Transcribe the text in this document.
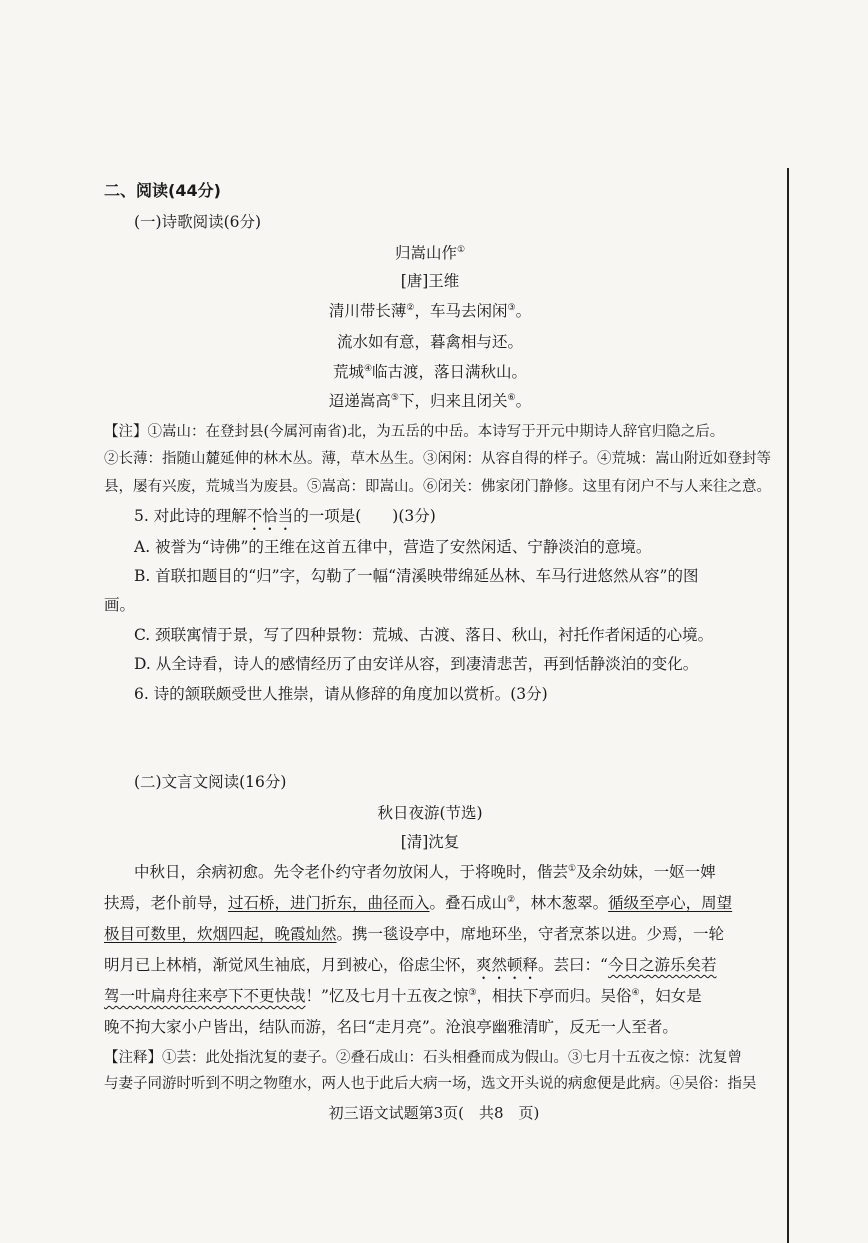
二、阅读(44分)
(一)诗歌阅读(6分)
归嵩山作①
[唐]王维
清川带长薄②，车马去闲闲③。
流水如有意，暮禽相与还。
荒城④临古渡，落日满秋山。
迢递嵩高⑤下，归来且闭关⑥。
【注】①嵩山：在登封县(今属河南省)北，为五岳的中岳。本诗写于开元中期诗人辞官归隐之后。
②长薄：指随山麓延伸的林木丛。薄，草木丛生。③闲闲：从容自得的样子。④荒城：嵩山附近如登封等
县，屡有兴废，荒城当为废县。⑤嵩高：即嵩山。⑥闭关：佛家闭门静修。这里有闭户不与人来往之意。
5. 对此诗的理解不恰当的一项是(　　)(3分)
A. 被誉为“诗佛”的王维在这首五律中，营造了安然闲适、宁静淡泊的意境。
B. 首联扣题目的“归”字，勾勒了一幅“清溪映带绵延丛林、车马行进悠然从容”的图
画。
C. 颈联寓情于景，写了四种景物：荒城、古渡、落日、秋山，衬托作者闲适的心境。
D. 从全诗看，诗人的感情经历了由安详从容，到凄清悲苦，再到恬静淡泊的变化。
6. 诗的颔联颇受世人推崇，请从修辞的角度加以赏析。(3分)
(二)文言文阅读(16分)
秋日夜游(节选)
[清]沈复
中秋日，余病初愈。先令老仆约守者勿放闲人，于将晚时，偕芸①及余幼妹，一妪一婢
扶焉，老仆前导，过石桥，进门折东，曲径而入。叠石成山②，林木葱翠。循级至亭心，周望
极目可数里，炊烟四起，晚霞灿然。携一毯设亭中，席地环坐，守者烹茶以进。少焉，一轮
明月已上林梢，渐觉风生袖底，月到被心，俗虑尘怀，爽然顿释。芸曰：“今日之游乐矣若
驾一叶扁舟往来亭下不更快哉！”忆及七月十五夜之惊③，相扶下亭而归。吴俗④，妇女是
晚不拘大家小户皆出，结队而游，名曰“走月亮”。沧浪亭幽雅清旷，反无一人至者。
【注释】①芸：此处指沈复的妻子。②叠石成山：石头相叠而成为假山。③七月十五夜之惊：沈复曾
与妻子同游时听到不明之物堕水，两人也于此后大病一场，选文开头说的病愈便是此病。④吴俗：指吴
初三语文试题第3页(　共8　页)
